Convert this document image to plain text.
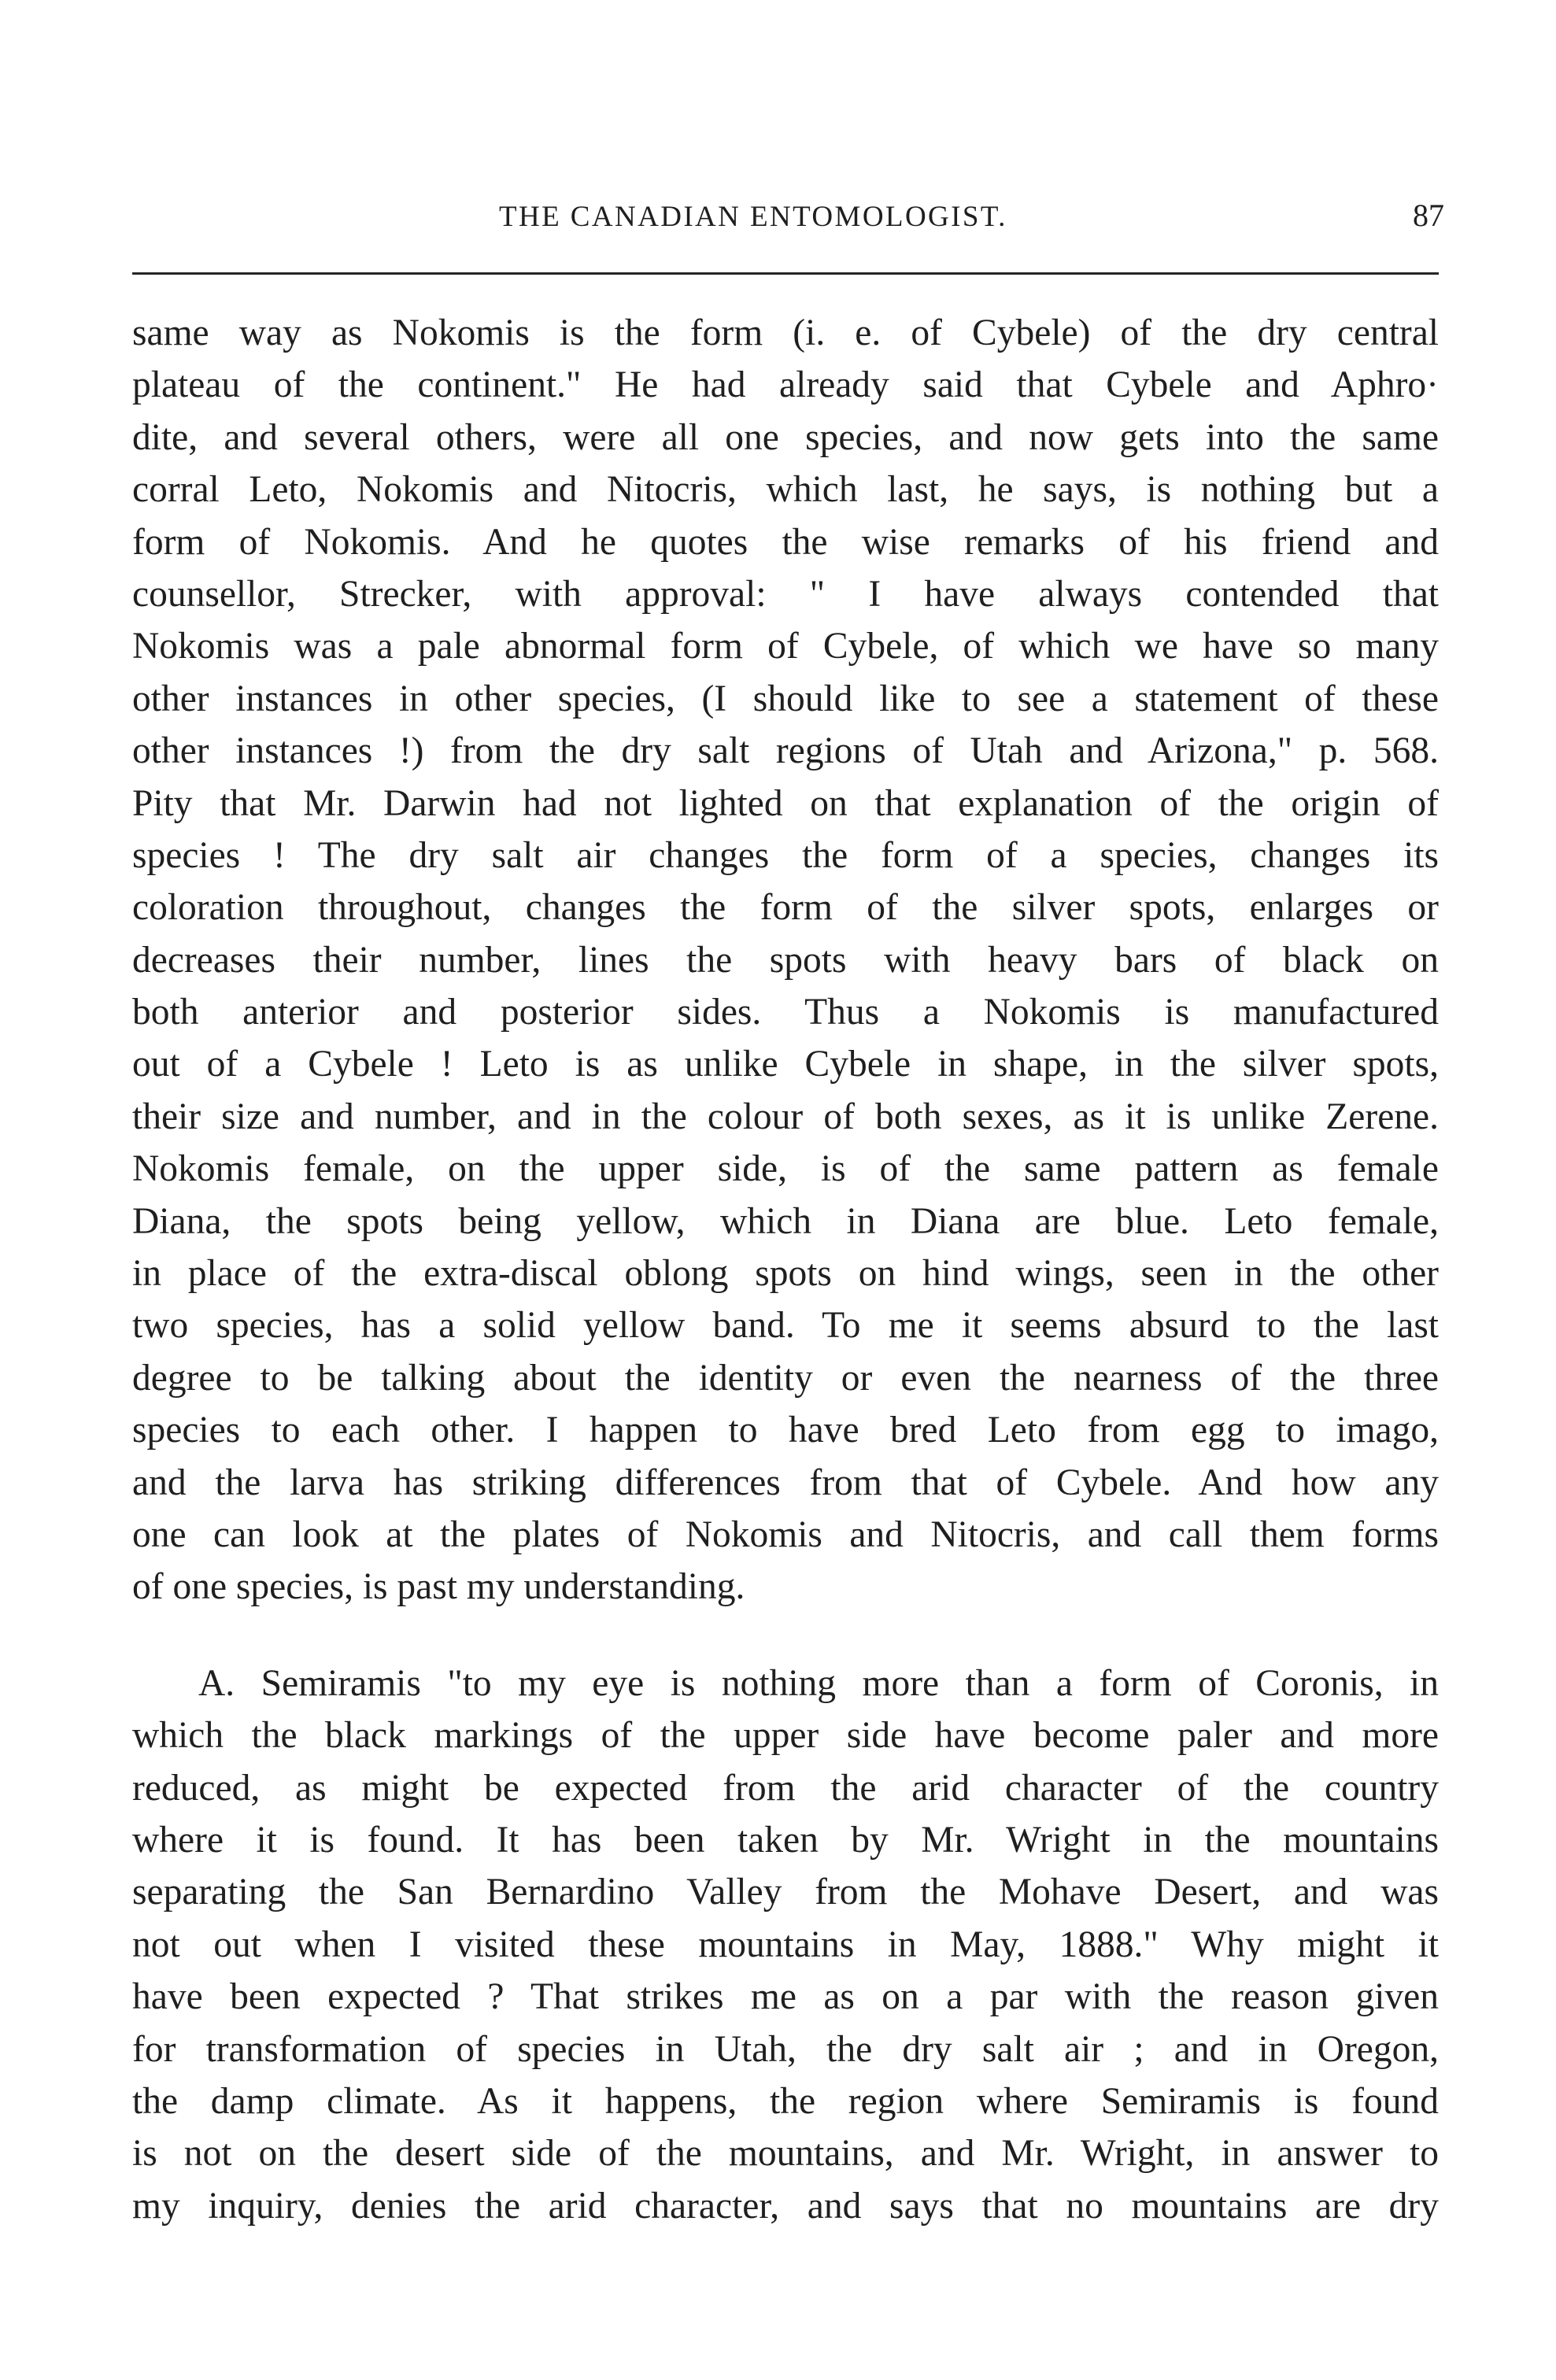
THE CANADIAN ENTOMOLOGIST.	87
same way as Nokomis is the form (i. e. of Cybele) of the dry central
plateau of the continent." He had already said that Cybele and Aphro·
dite, and several others, were all one species, and now gets into the same
corral Leto, Nokomis and Nitocris, which last, he says, is nothing but a
form of Nokomis. And he quotes the wise remarks of his friend and
counsellor, Strecker, with approval: " I have always contended that
Nokomis was a pale abnormal form of Cybele, of which we have so many
other instances in other species, (I should like to see a statement of these
other instances !) from the dry salt regions of Utah and Arizona," p. 568.
Pity that Mr. Darwin had not lighted on that explanation of the origin of
species ! The dry salt air changes the form of a species, changes its
coloration throughout, changes the form of the silver spots, enlarges or
decreases their number, lines the spots with heavy bars of black on
both anterior and posterior sides. Thus a Nokomis is manufactured
out of a Cybele ! Leto is as unlike Cybele in shape, in the silver spots,
their size and number, and in the colour of both sexes, as it is unlike Zerene.
Nokomis female, on the upper side, is of the same pattern as female
Diana, the spots being yellow, which in Diana are blue. Leto female,
in place of the extra-discal oblong spots on hind wings, seen in the other
two species, has a solid yellow band. To me it seems absurd to the last
degree to be talking about the identity or even the nearness of the three
species to each other. I happen to have bred Leto from egg to imago,
and the larva has striking differences from that of Cybele. And how any
one can look at the plates of Nokomis and Nitocris, and call them forms
of one species, is past my understanding.
A. Semiramis "to my eye is nothing more than a form of Coronis, in
which the black markings of the upper side have become paler and more
reduced, as might be expected from the arid character of the country
where it is found. It has been taken by Mr. Wright in the mountains
separating the San Bernardino Valley from the Mohave Desert, and was
not out when I visited these mountains in May, 1888." Why might it
have been expected ? That strikes me as on a par with the reason given
for transformation of species in Utah, the dry salt air ; and in Oregon,
the damp climate. As it happens, the region where Semiramis is found
is not on the desert side of the mountains, and Mr. Wright, in answer to
my inquiry, denies the arid character, and says that no mountains are dry
